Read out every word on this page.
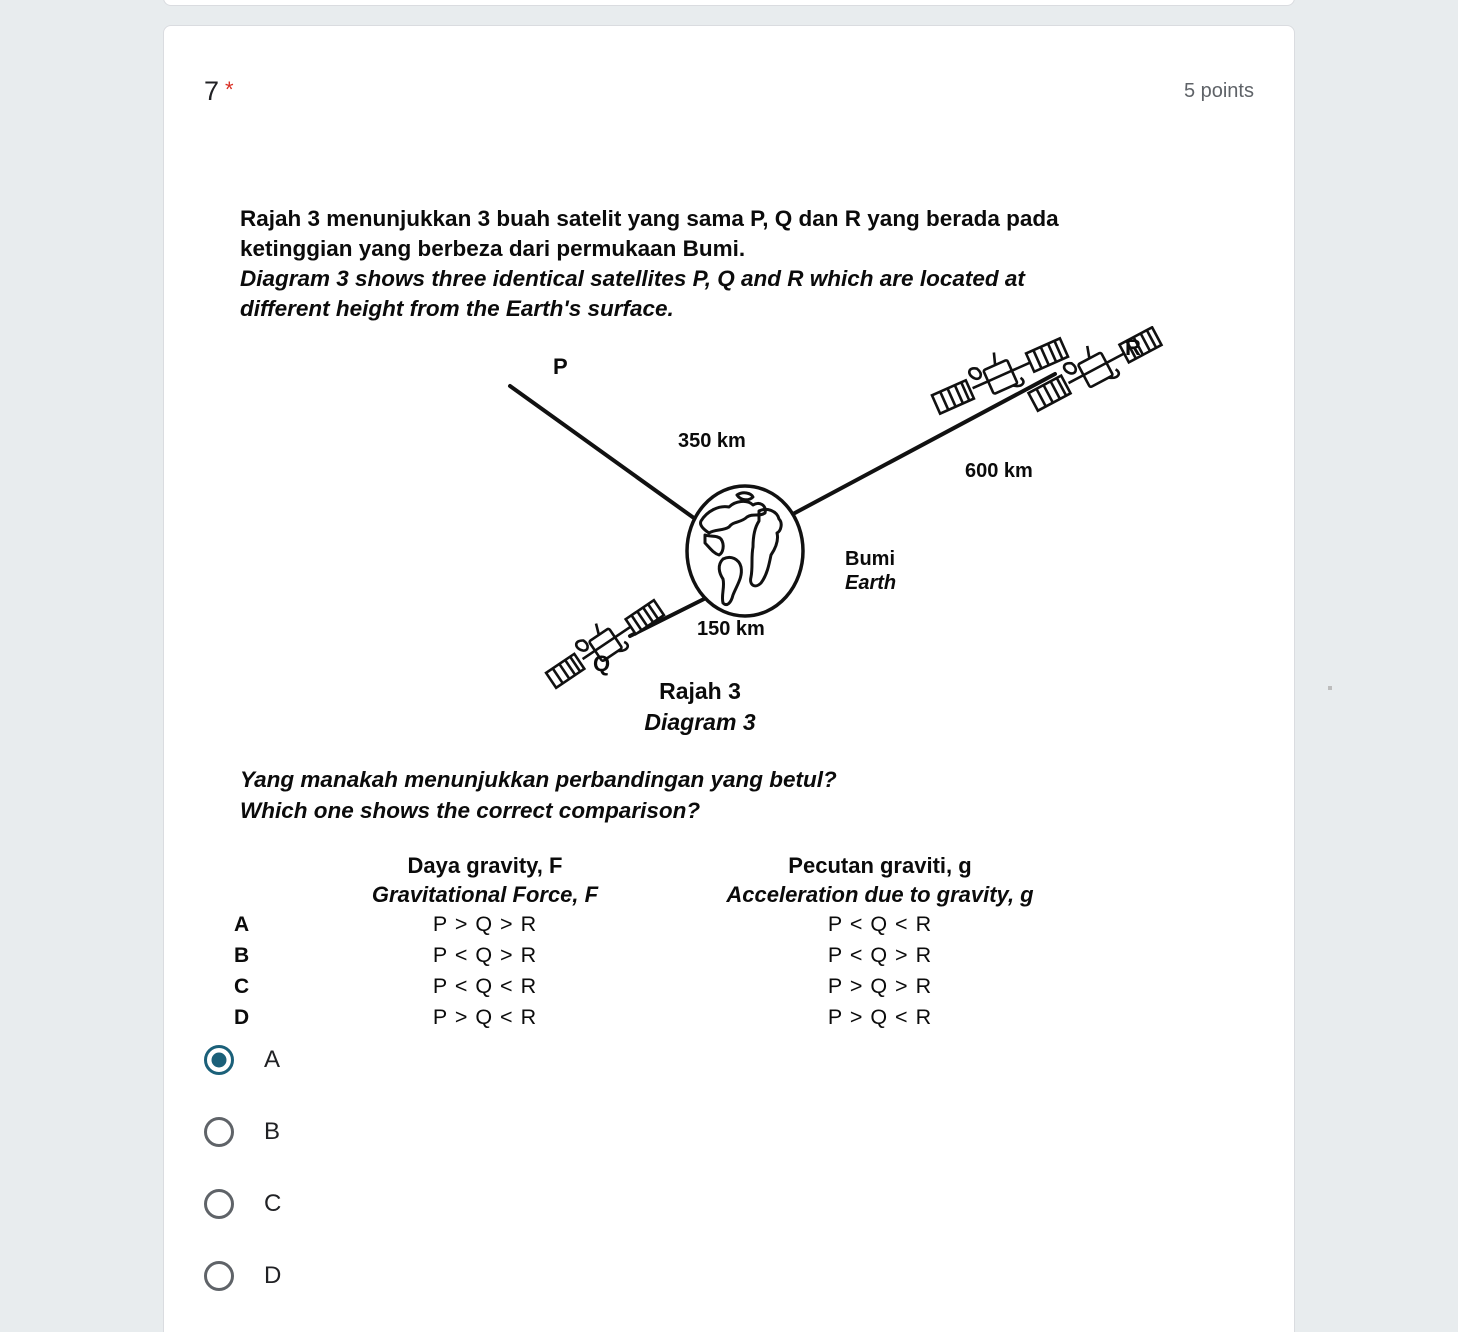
7 *	5 points
Rajah 3 menunjukkan 3 buah satelit yang sama P, Q dan R yang berada pada
ketinggian yang berbeza dari permukaan Bumi.
Diagram 3 shows three identical satellites P, Q and R which are located at
different height from the Earth's surface.
P
R
Q
350 km
600 km
150 km
Bumi
Earth
Rajah 3
Diagram 3
Yang manakah menunjukkan perbandingan yang betul?
Which one shows the correct comparison?
Daya gravity, F
Gravitational Force, F
Pecutan graviti, g
Acceleration due to gravity, g
A	P > Q > R	P < Q < R
B	P < Q > R	P < Q > R
C	P < Q < R	P > Q > R
D	P > Q < R	P > Q < R
A
B
C
D
